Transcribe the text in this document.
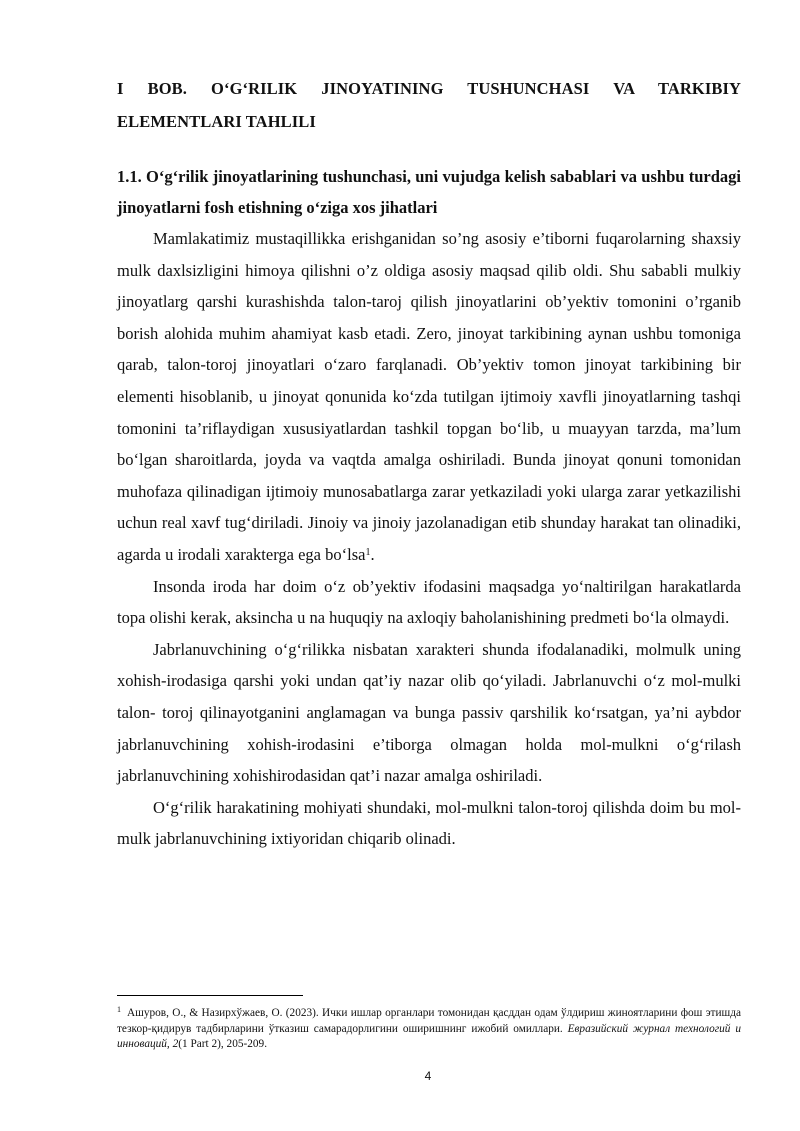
I BOB. O‘G‘RILIK JINOYATINING TUSHUNCHASI VA TARKIBIY ELEMENTLARI TAHLILI
1.1. O‘g‘rilik jinoyatlarining tushunchasi, uni vujudga kelish sabablari va ushbu turdagi jinoyatlarni fosh etishning o‘ziga xos jihatlari

Mamlakatimiz mustaqillikka erishganidan so’ng asosiy e’tiborni fuqarolarning shaxsiy mulk daxlsizligini himoya qilishni o’z oldiga asosiy maqsad qilib oldi. Shu sababli mulkiy jinoyatlarg qarshi kurashishda talon-taroj qilish jinoyatlarini ob’yektiv tomonini o’rganib borish alohida muhim ahamiyat kasb etadi. Zero, jinoyat tarkibining aynan ushbu tomoniga qarab, talon-toroj jinoyatlari o‘zaro farqlanadi. Ob’yektiv tomon jinoyat tarkibining bir elementi hisoblanib, u jinoyat qonunida ko‘zda tutilgan ijtimoiy xavfli jinoyatlarning tashqi tomonini ta’riflaydigan xususiyatlardan tashkil topgan bo‘lib, u muayyan tarzda, ma’lum bo‘lgan sharoitlarda, joyda va vaqtda amalga oshiriladi. Bunda jinoyat qonuni tomonidan muhofaza qilinadigan ijtimoiy munosabatlarga zarar yetkaziladi yoki ularga zarar yetkazilishi uchun real xavf tug‘diriladi. Jinoiy va jinoiy jazolanadigan etib shunday harakat tan olinadiki, agarda u irodali xarakterga ega bo‘lsa$^1$.

Insonda iroda har doim o‘z ob’yektiv ifodasini maqsadga yo‘naltirilgan harakatlarda topa olishi kerak, aksincha u na huquqiy na axloqiy baholanishining predmeti bo‘la olmaydi.

Jabrlanuvchining o‘g‘rilikka nisbatan xarakteri shunda ifodalanadiki, molmulk uning xohish-irodasiga qarshi yoki undan qat’iy nazar olib qo‘yiladi. Jabrlanuvchi o‘z mol-mulki talon- toroj qilinayotganini anglamagan va bunga passiv qarshilik ko‘rsatgan, ya’ni aybdor jabrlanuvchining xohish-irodasini e’tiborga olmagan holda mol-mulkni o‘g‘rilash jabrlanuvchining xohishirodasidan qat’i nazar amalga oshiriladi.

O‘g‘rilik harakatining mohiyati shundaki, mol-mulkni talon-toroj qilishda doim bu mol- mulk jabrlanuvchining ixtiyoridan chiqarib olinadi.

$^1$ Ашуров, О., & Назирхўжаев, О. (2023). Ички ишлар органлари томонидан қасддан одам ўлдириш жиноятларини фош этишда тезкор-қидирув тадбирларини ўтказиш самарадорлигини оширишнинг ижобий омиллари. Евразийский журнал технологий и инноваций, 2(1 Part 2), 205-209.

4
